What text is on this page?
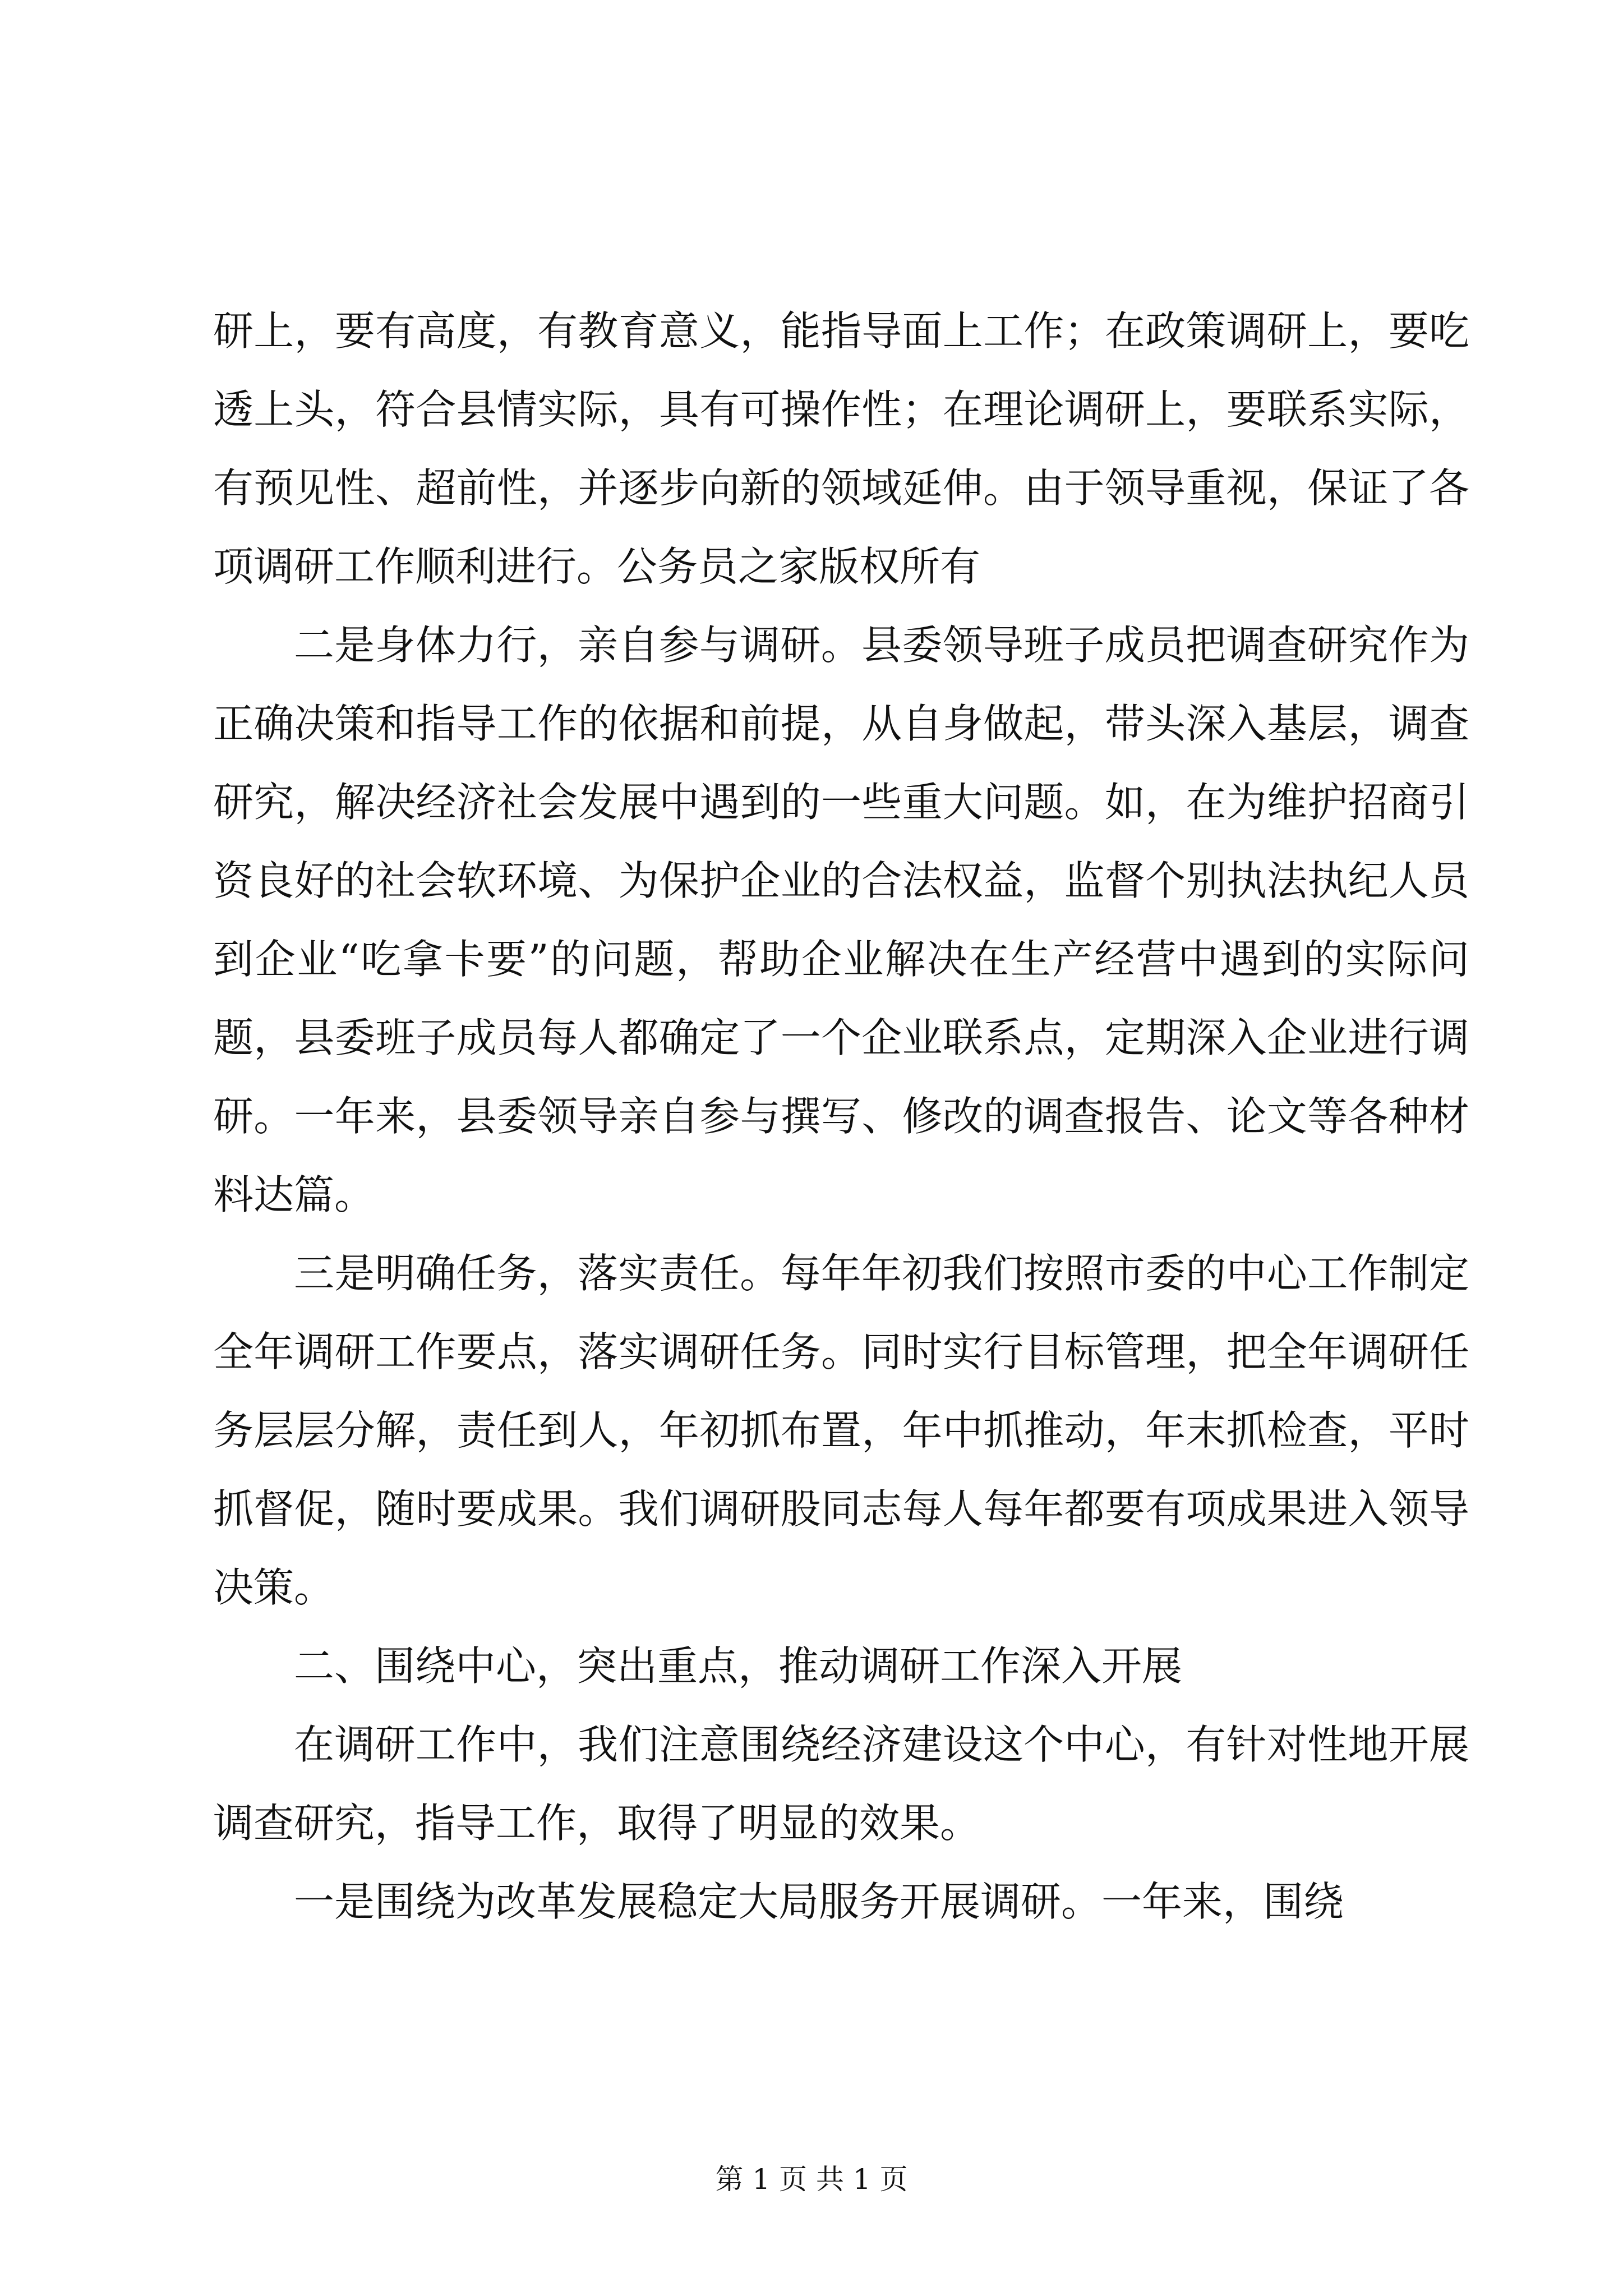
研上，要有高度，有教育意义，能指导面上工作；在政策调研上，要吃透上头，符合县情实际，具有可操作性；在理论调研上，要联系实际，有预见性、超前性，并逐步向新的领域延伸。由于领导重视，保证了各项调研工作顺利进行。公务员之家版权所有

二是身体力行，亲自参与调研。县委领导班子成员把调查研究作为正确决策和指导工作的依据和前提，从自身做起，带头深入基层，调查研究，解决经济社会发展中遇到的一些重大问题。如，在为维护招商引资良好的社会软环境、为保护企业的合法权益，监督个别执法执纪人员到企业“吃拿卡要”的问题，帮助企业解决在生产经营中遇到的实际问题，县委班子成员每人都确定了一个企业联系点，定期深入企业进行调研。一年来，县委领导亲自参与撰写、修改的调查报告、论文等各种材料达篇。

三是明确任务，落实责任。每年年初我们按照市委的中心工作制定全年调研工作要点，落实调研任务。同时实行目标管理，把全年调研任务层层分解，责任到人，年初抓布置，年中抓推动，年末抓检查，平时抓督促，随时要成果。我们调研股同志每人每年都要有项成果进入领导决策。

二、围绕中心，突出重点，推动调研工作深入开展

在调研工作中，我们注意围绕经济建设这个中心，有针对性地开展调查研究，指导工作，取得了明显的效果。

一是围绕为改革发展稳定大局服务开展调研。一年来，围绕

第 1 页 共 1 页
